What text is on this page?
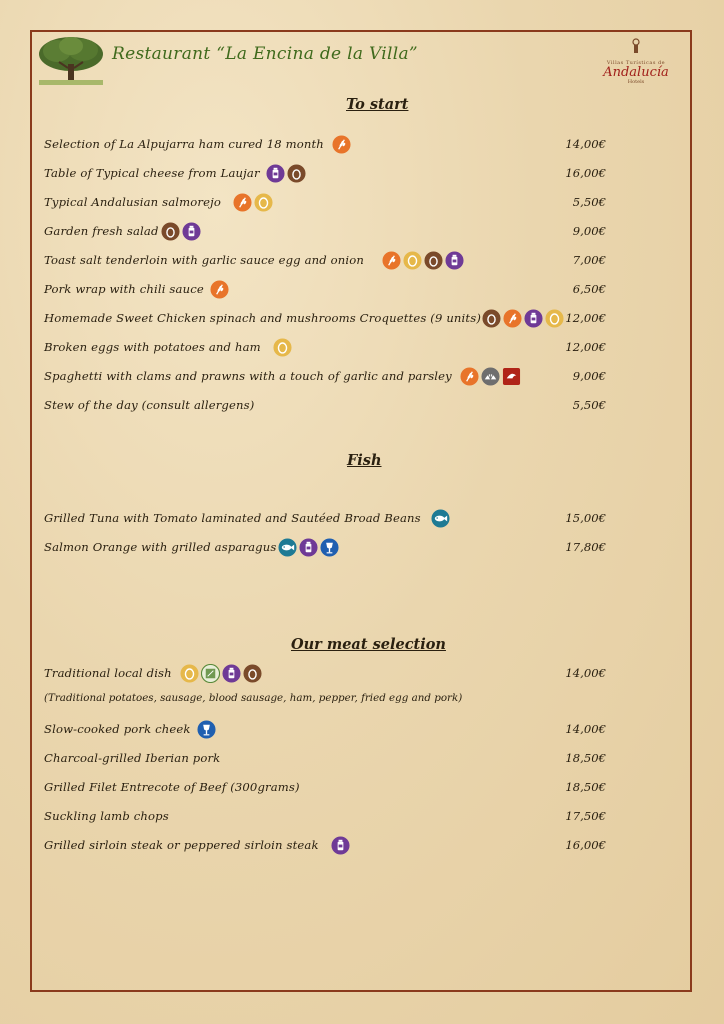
Restaurant “La Encina de la Villa”	Villas Turísticas de
Andalucía
Hotels
To start
Selection of La Alpujarra ham cured 18 month	14,00€
Table of Typical cheese from Laujar	16,00€
Typical Andalusian salmorejo	5,50€
Garden fresh salad	9,00€
Toast salt tenderloin with garlic sauce egg and onion	7,00€
Pork wrap with chili sauce	6,50€
Homemade Sweet Chicken spinach and mushrooms Croquettes (9 units)	12,00€
Broken eggs with potatoes and ham	12,00€
Spaghetti with clams and prawns with a touch of garlic and parsley	9,00€
Stew of the day (consult allergens)	5,50€
Fish
Grilled Tuna with Tomato laminated and Sautéed Broad Beans	15,00€
Salmon Orange with grilled asparagus	17,80€
Our meat selection
Traditional local dish	14,00€
(Traditional potatoes, sausage, blood sausage, ham, pepper, fried egg and pork)
Slow-cooked pork cheek	14,00€
Charcoal-grilled Iberian pork	18,50€
Grilled Filet Entrecote of Beef (300grams)	18,50€
Suckling lamb chops	17,50€
Grilled sirloin steak or peppered sirloin steak	16,00€
